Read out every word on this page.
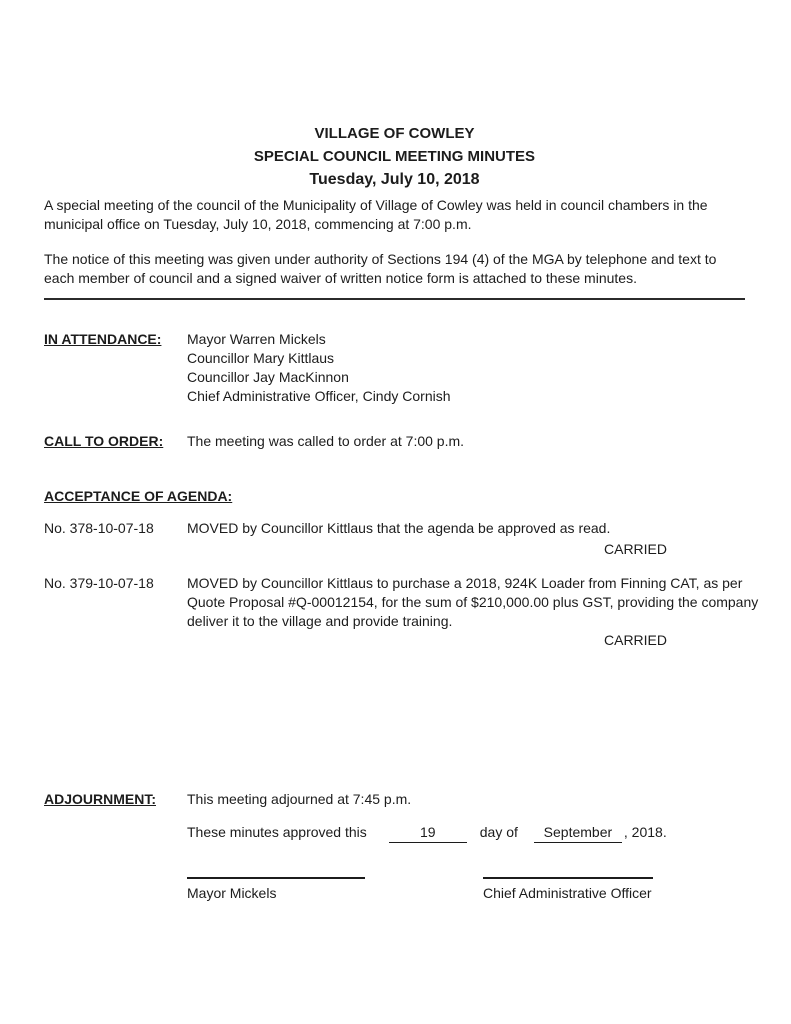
VILLAGE OF COWLEY
SPECIAL COUNCIL MEETING MINUTES
Tuesday, July 10, 2018
A special meeting of the council of the Municipality of Village of Cowley was held in council chambers in the
municipal office on Tuesday, July 10, 2018, commencing at 7:00 p.m.
The notice of this meeting was given under authority of Sections 194 (4) of the MGA by telephone and text to
each member of council and a signed waiver of written notice form is attached to these minutes.
IN ATTENDANCE:	Mayor Warren Mickels
Councillor Mary Kittlaus
Councillor Jay MacKinnon
Chief Administrative Officer, Cindy Cornish
CALL TO ORDER:	The meeting was called to order at 7:00 p.m.
ACCEPTANCE OF AGENDA:
No. 378-10-07-18	MOVED by Councillor Kittlaus that the agenda be approved as read.
CARRIED
No. 379-10-07-18	MOVED by Councillor Kittlaus to purchase a 2018, 924K Loader from Finning CAT, as per
Quote Proposal #Q-00012154, for the sum of $210,000.00 plus GST, providing the company
deliver it to the village and provide training.
CARRIED
ADJOURNMENT:	This meeting adjourned at 7:45 p.m.
These minutes approved this	19	day of September , 2018.
Mayor Mickels	Chief Administrative Officer
